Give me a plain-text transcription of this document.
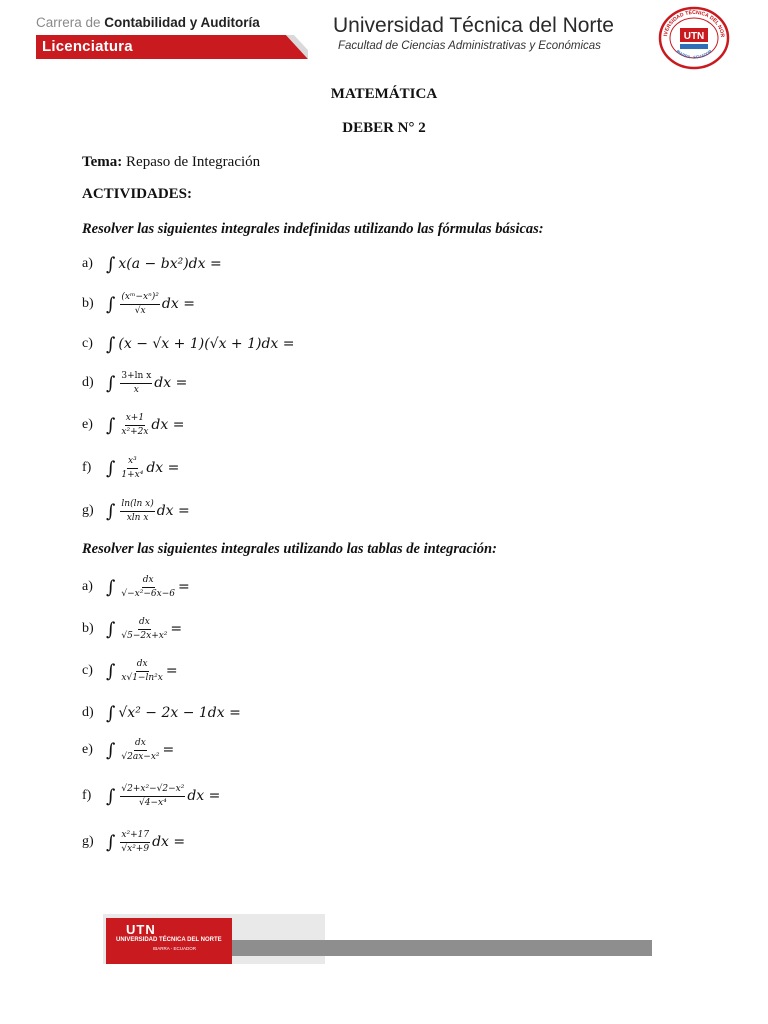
Carrera de Contabilidad y Auditoría
Licenciatura
Universidad Técnica del Norte
Facultad de Ciencias Administrativas y Económicas
IVERSIDAD TÉCNICA DEL NOR
UTN
IBARRA - ECUADOR
MATEMÁTICA
DEBER N° 2
Tema: Repaso de Integración
ACTIVIDADES:
Resolver las siguientes integrales indefinidas utilizando las fórmulas básicas:
a) ∫ x(a − bx²)dx =
b) ∫ $\frac{\text{(xᵐ−xⁿ)²}}{√x}$ dx =
c) ∫ (x − √x + 1)(√x + 1)dx =
d) ∫ $\frac{\text{3+ln x}}{x}$ dx =
e) ∫ $\frac{x+1}{\text{x²+2x}}$ dx =
f) ∫ $\frac{\text{x³}}{\text{1+x⁴}}$ dx =
g) ∫ $\frac{\text{ln(ln x)}}{\text{xln x}}$ dx =
Resolver las siguientes integrales utilizando las tablas de integración:
a) ∫ $\frac{dx}{\text{√−x²−6x−6}}$ =
b) ∫ $\frac{dx}{\text{√5−2x+x²}}$ =
c) ∫ $\frac{dx}{\text{x√1−ln²x}}$ =
d) ∫ √x² − 2x − 1dx =
e) ∫ $\frac{dx}{\text{√2ax−x²}}$ =
f) ∫ $\frac{\text{√2+x²−√2−x²}}{\text{√4−x⁴}}$ dx =
g) ∫ $\frac{\text{x²+17}}{\text{√x²+9}}$ dx =
UTN
UNIVERSIDAD TÉCNICA DEL NORTE
IBARRA - ECUADOR
